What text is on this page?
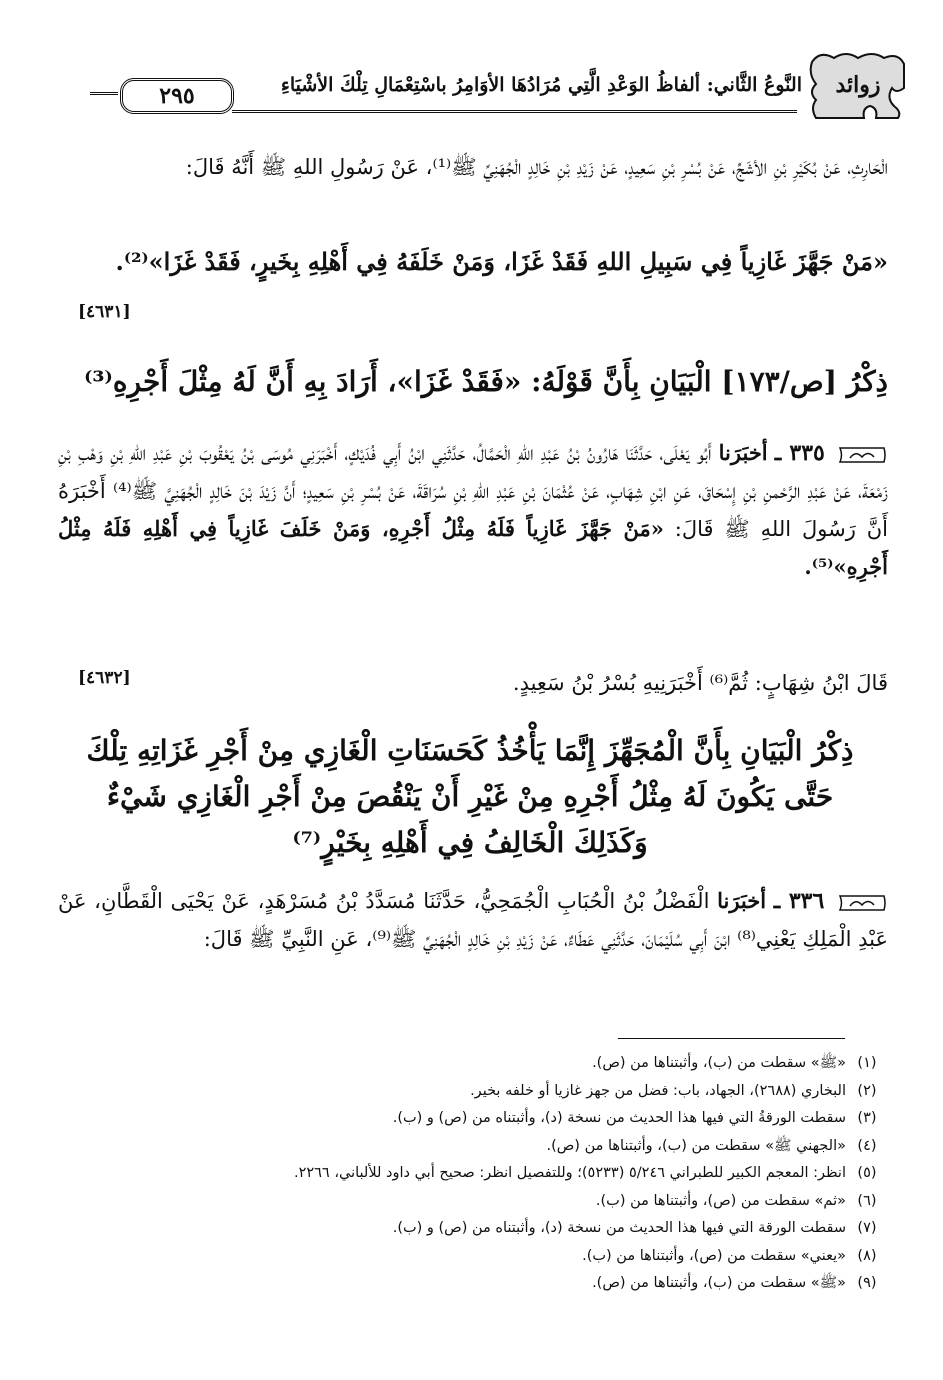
٢٩٥	النَّوعُ الثَّاني: ألفاظُ الوَعْدِ الَّتِي مُرَادُهَا الأوَامِرُ باسْتِعْمَالِ تِلْكَ الأشْيَاءِ زوائد
الْحَارِثِ، عَنْ بُكَيْرِ بْنِ الأشَجِّ، عَنْ بُسْرِ بْنِ سَعِيدٍ، عَنْ زَيْدِ بْنِ خَالِدٍ الْجُهَنِيِّ ﷺ⁽¹⁾، عَنْ رَسُولِ اللهِ ﷺ أَنَّهُ قَالَ:
«مَنْ جَهَّزَ غَازِياً فِي سَبِيلِ اللهِ فَقَدْ غَزَا، وَمَنْ خَلَفَهُ فِي أَهْلِهِ بِخَيرٍ، فَقَدْ غَزَا»⁽²⁾.
[٤٦٣١]
ذِكْرُ [ص/١٧٣] الْبَيَانِ بِأَنَّ قَوْلَهُ: «فَقَدْ غَزَا»، أَرَادَ بِهِ أَنَّ لَهُ مِثْلَ أَجْرِهِ⁽³⁾
٣٣٥ ـ أخبَرَنا أَبُو يَعْلَى، حَدَّثَنَا هَارُونُ بْنُ عَبْدِ اللهِ الْحَمَّالُ، حَدَّثَنِي ابْنُ أَبِي فُدَيْكٍ، أَخْبَرَنِي مُوسَى بْنُ يَعْقُوبَ بْنِ عَبْدِ اللهِ بْنِ وَهْبِ بْنِ زَمْعَةَ، عَنْ عَبْدِ الرَّحْمنِ بْنِ إِسْحَاقَ، عَنِ ابْنِ شِهَابٍ، عَنْ عُثْمَانَ بْنِ عَبْدِ اللهِ بْنِ سُرَاقَةَ، عَنْ بُسْرِ بْنِ سَعِيدٍ؛ أَنَّ زَيْدَ بْنَ خَالِدٍ الْجُهَنِيَّ ﷺ⁽⁴⁾ أَخْبَرَهُ أَنَّ رَسُولَ اللهِ ﷺ قَالَ: «مَنْ جَهَّزَ غَازِياً فَلَهُ مِثْلُ أَجْرِهِ، وَمَنْ خَلَفَ غَازِياً فِي أَهْلِهِ فَلَهُ مِثْلُ أَجْرِهِ»⁽⁵⁾.
قَالَ ابْنُ شِهَابٍ: ثُمَّ⁽⁶⁾ أَخْبَرَنِيهِ بُسْرُ بْنُ سَعِيدٍ.
[٤٦٣٢]
ذِكْرُ الْبَيَانِ بِأَنَّ الْمُجَهِّزَ إِنَّمَا يَأْخُذُ كَحَسَنَاتِ الْغَازِي مِنْ أَجْرِ غَزَاتِهِ تِلْكَ حَتَّى يَكُونَ لَهُ مِثْلُ أَجْرِهِ مِنْ غَيْرِ أَنْ يَنْقُصَ مِنْ أَجْرِ الْغَازِي شَيْءٌ وَكَذَلِكَ الْخَالِفُ فِي أَهْلِهِ بِخَيْرٍ⁽⁷⁾
٣٣٦ ـ أخبَرَنا الْفَضْلُ بْنُ الْحُبَابِ الْجُمَحِيُّ، حَدَّثَنَا مُسَدَّدُ بْنُ مُسَرْهَدٍ، عَنْ يَحْيَى الْقَطَّانِ، عَنْ عَبْدِ الْمَلِكِ يَعْنِي⁽⁸⁾ ابْنَ أَبِي سُلَيْمَانَ، حَدَّثَنِي عَطَاءٌ، عَنْ زَيْدِ بْنِ خَالِدٍ الْجُهَنِيِّ ﷺ⁽⁹⁾، عَنِ النَّبِيِّ ﷺ قَالَ:
(١)
«ﷺ» سقطت من (ب)، وأثبتناها من (ص).
(٢)
البخاري (٢٦٨٨)، الجهاد، باب: فضل من جهز غازيا أو خلفه بخير.
(٣)
سقطت الورقةُ التي فيها هذا الحديث من نسخة (د)، وأثبتناه من (ص) و (ب).
(٤)
«الجهني ﷺ» سقطت من (ب)، وأثبتناها من (ص).
(٥)
انظر: المعجم الكبير للطبراني ٥/٢٤٦ (٥٢٣٣)؛ وللتفصيل انظر: صحيح أبي داود للألباني، ٢٢٦٦.
(٦)
«ثم» سقطت من (ص)، وأثبتناها من (ب).
(٧)
سقطت الورقة التي فيها هذا الحديث من نسخة (د)، وأثبتناه من (ص) و (ب).
(٨)
«يعني» سقطت من (ص)، وأثبتناها من (ب).
(٩)
«ﷺ» سقطت من (ب)، وأثبتناها من (ص).
